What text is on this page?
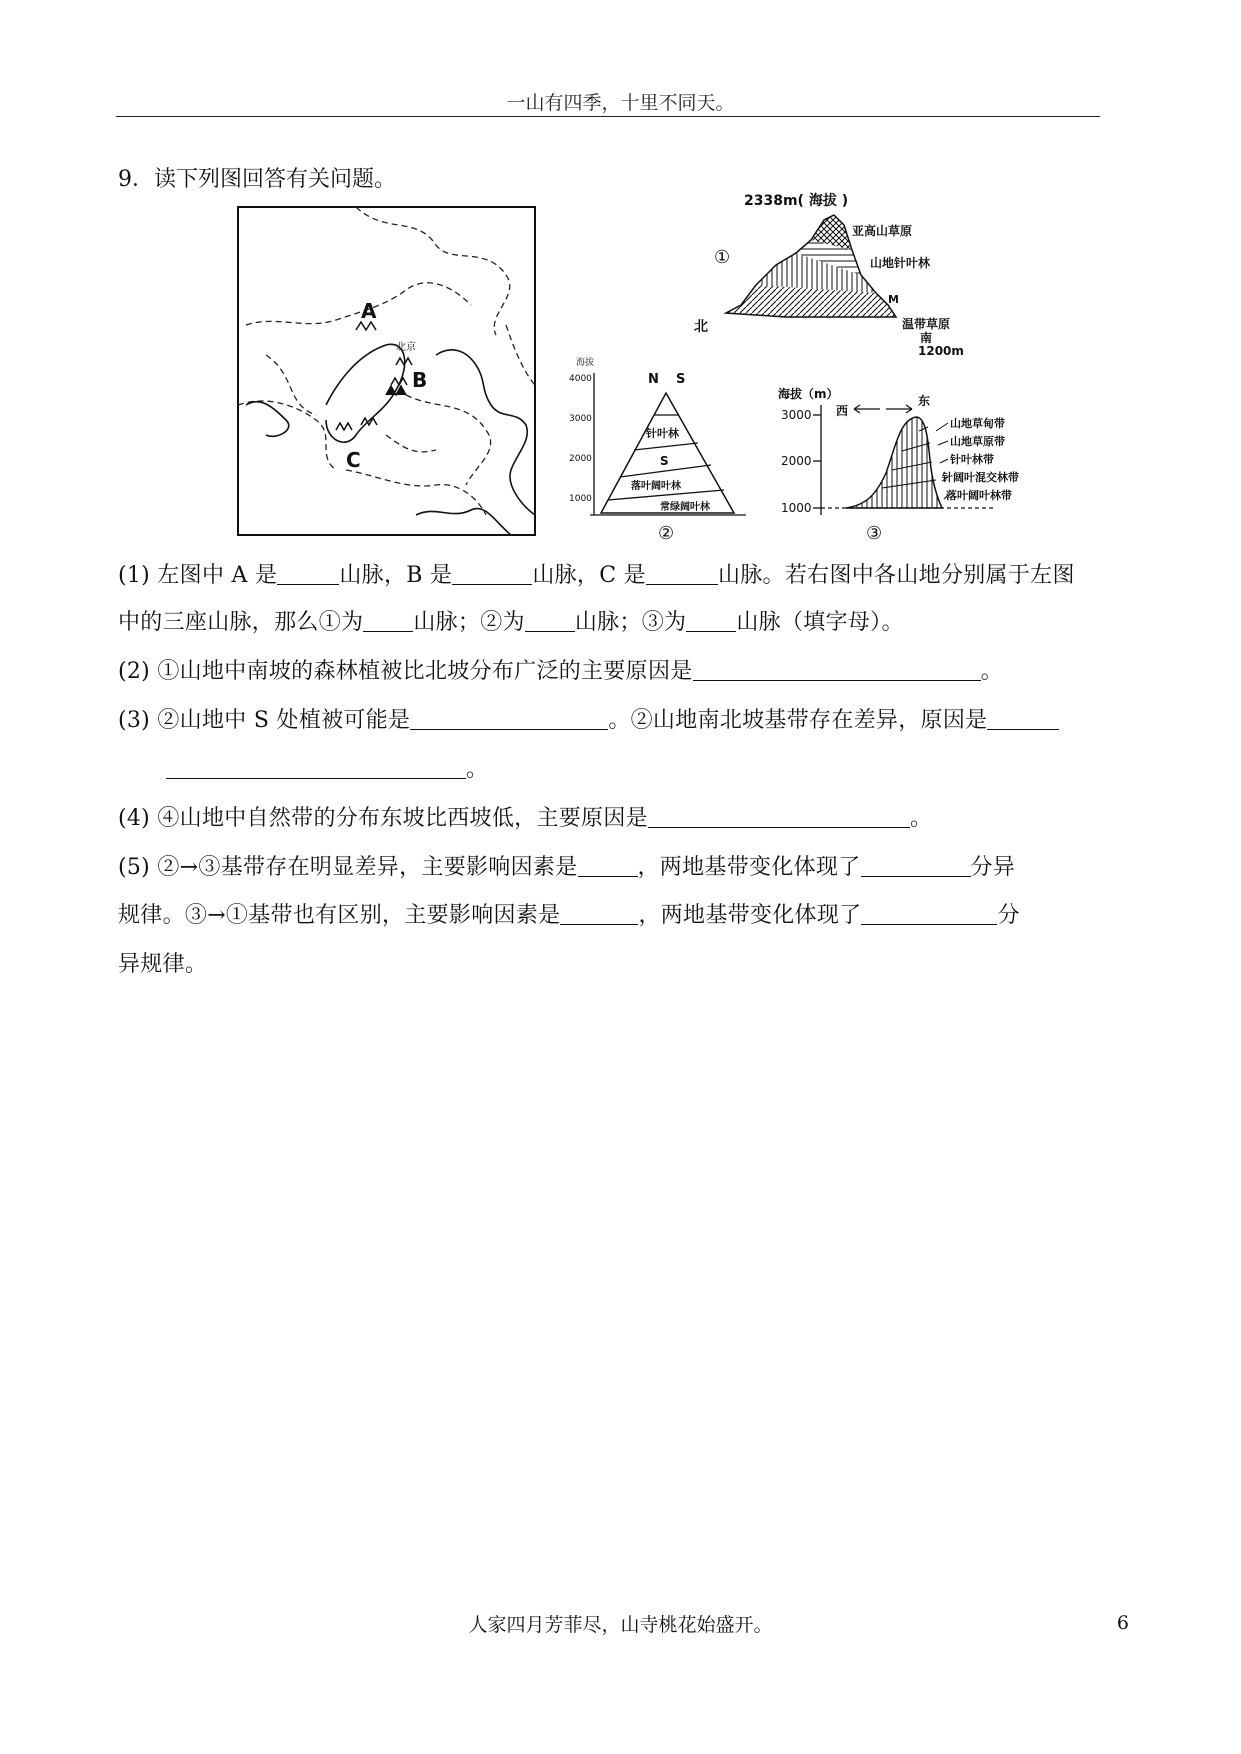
一山有四季，十里不同天。
9．读下列图回答有关问题。
A
B
C
北京
2338m( 海拔 )
亚高山草原
山地针叶林
M
温带草原
南
1200m
北
①
海拔
4000
3000
2000
1000
N S
针叶林
S
落叶阔叶林
常绿阔叶林
②
海拔（m）
3000
2000
1000
西
东
山地草甸带
山地草原带
针叶林带
针阔叶混交林带
落叶阔叶林带
③
(1) 左图中 A 是	山脉，B 是	山脉，C 是	山脉。若右图中各山地分别属于左图
中的三座山脉，那么①为 山脉；②为 山脉；③为 山脉（填字母）。
(2) ①山地中南坡的森林植被比北坡分布广泛的主要原因是	。
(3) ②山地中 S 处植被可能是	。②山地南北坡基带存在差异，原因是
。
(4) ④山地中自然带的分布东坡比西坡低，主要原因是	。
(5) ②→③基带存在明显差异，主要影响因素是	，两地基带变化体现了	分异
规律。③→①基带也有区别，主要影响因素是	，两地基带变化体现了	分
异规律。
人家四月芳菲尽，山寺桃花始盛开。	6
